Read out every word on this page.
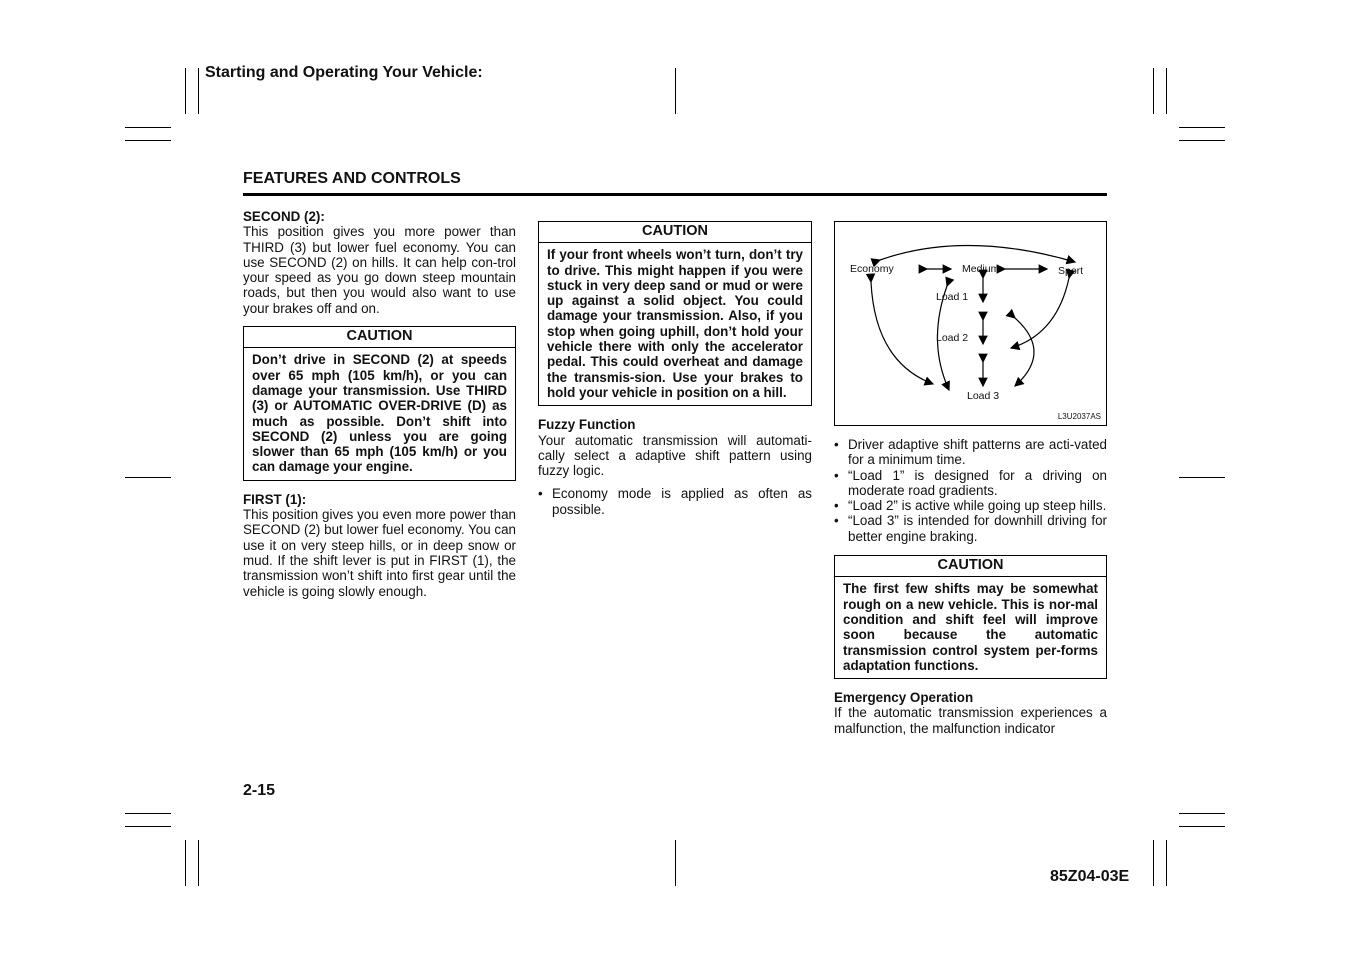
Starting and Operating Your Vehicle:
FEATURES AND CONTROLS

SECOND (2):

This position gives you more power than THIRD (3) but lower fuel economy. You can use SECOND (2) on hills. It can help con-trol your speed as you go down steep mountain roads, but then you would also want to use your brakes off and on.

CAUTION
Don’t drive in SECOND (2) at speeds over 65 mph (105 km/h), or you can damage your transmission. Use THIRD (3) or AUTOMATIC OVER-DRIVE (D) as much as possible. Don’t shift into SECOND (2) unless you are going slower than 65 mph (105 km/h) or you can damage your engine.

FIRST (1):

This position gives you even more power than SECOND (2) but lower fuel economy. You can use it on very steep hills, or in deep snow or mud. If the shift lever is put in FIRST (1), the transmission won’t shift into first gear until the vehicle is going slowly enough.

CAUTION
If your front wheels won’t turn, don’t try to drive. This might happen if you were stuck in very deep sand or mud or were up against a solid object. You could damage your transmission. Also, if you stop when going uphill, don’t hold your vehicle there with only the accelerator pedal. This could overheat and damage the transmis-sion. Use your brakes to hold your vehicle in position on a hill.

Fuzzy Function

Your automatic transmission will automati-cally select a adaptive shift pattern using fuzzy logic.

• Economy mode is applied as often as possible.
Economy	Medium	Sport
Load 1
Load 2
Load 3
L3U2037AS
• Driver adaptive shift patterns are acti-vated for a minimum time.
• “Load 1” is designed for a driving on moderate road gradients.
• “Load 2” is active while going up steep hills.
• “Load 3” is intended for downhill driving for better engine braking.
CAUTION
The first few shifts may be somewhat rough on a new vehicle. This is nor-mal condition and shift feel will improve soon because the automatic transmission control system per-forms adaptation functions.

Emergency Operation

If the automatic transmission experiences a malfunction, the malfunction indicator

2-15
85Z04-03E
